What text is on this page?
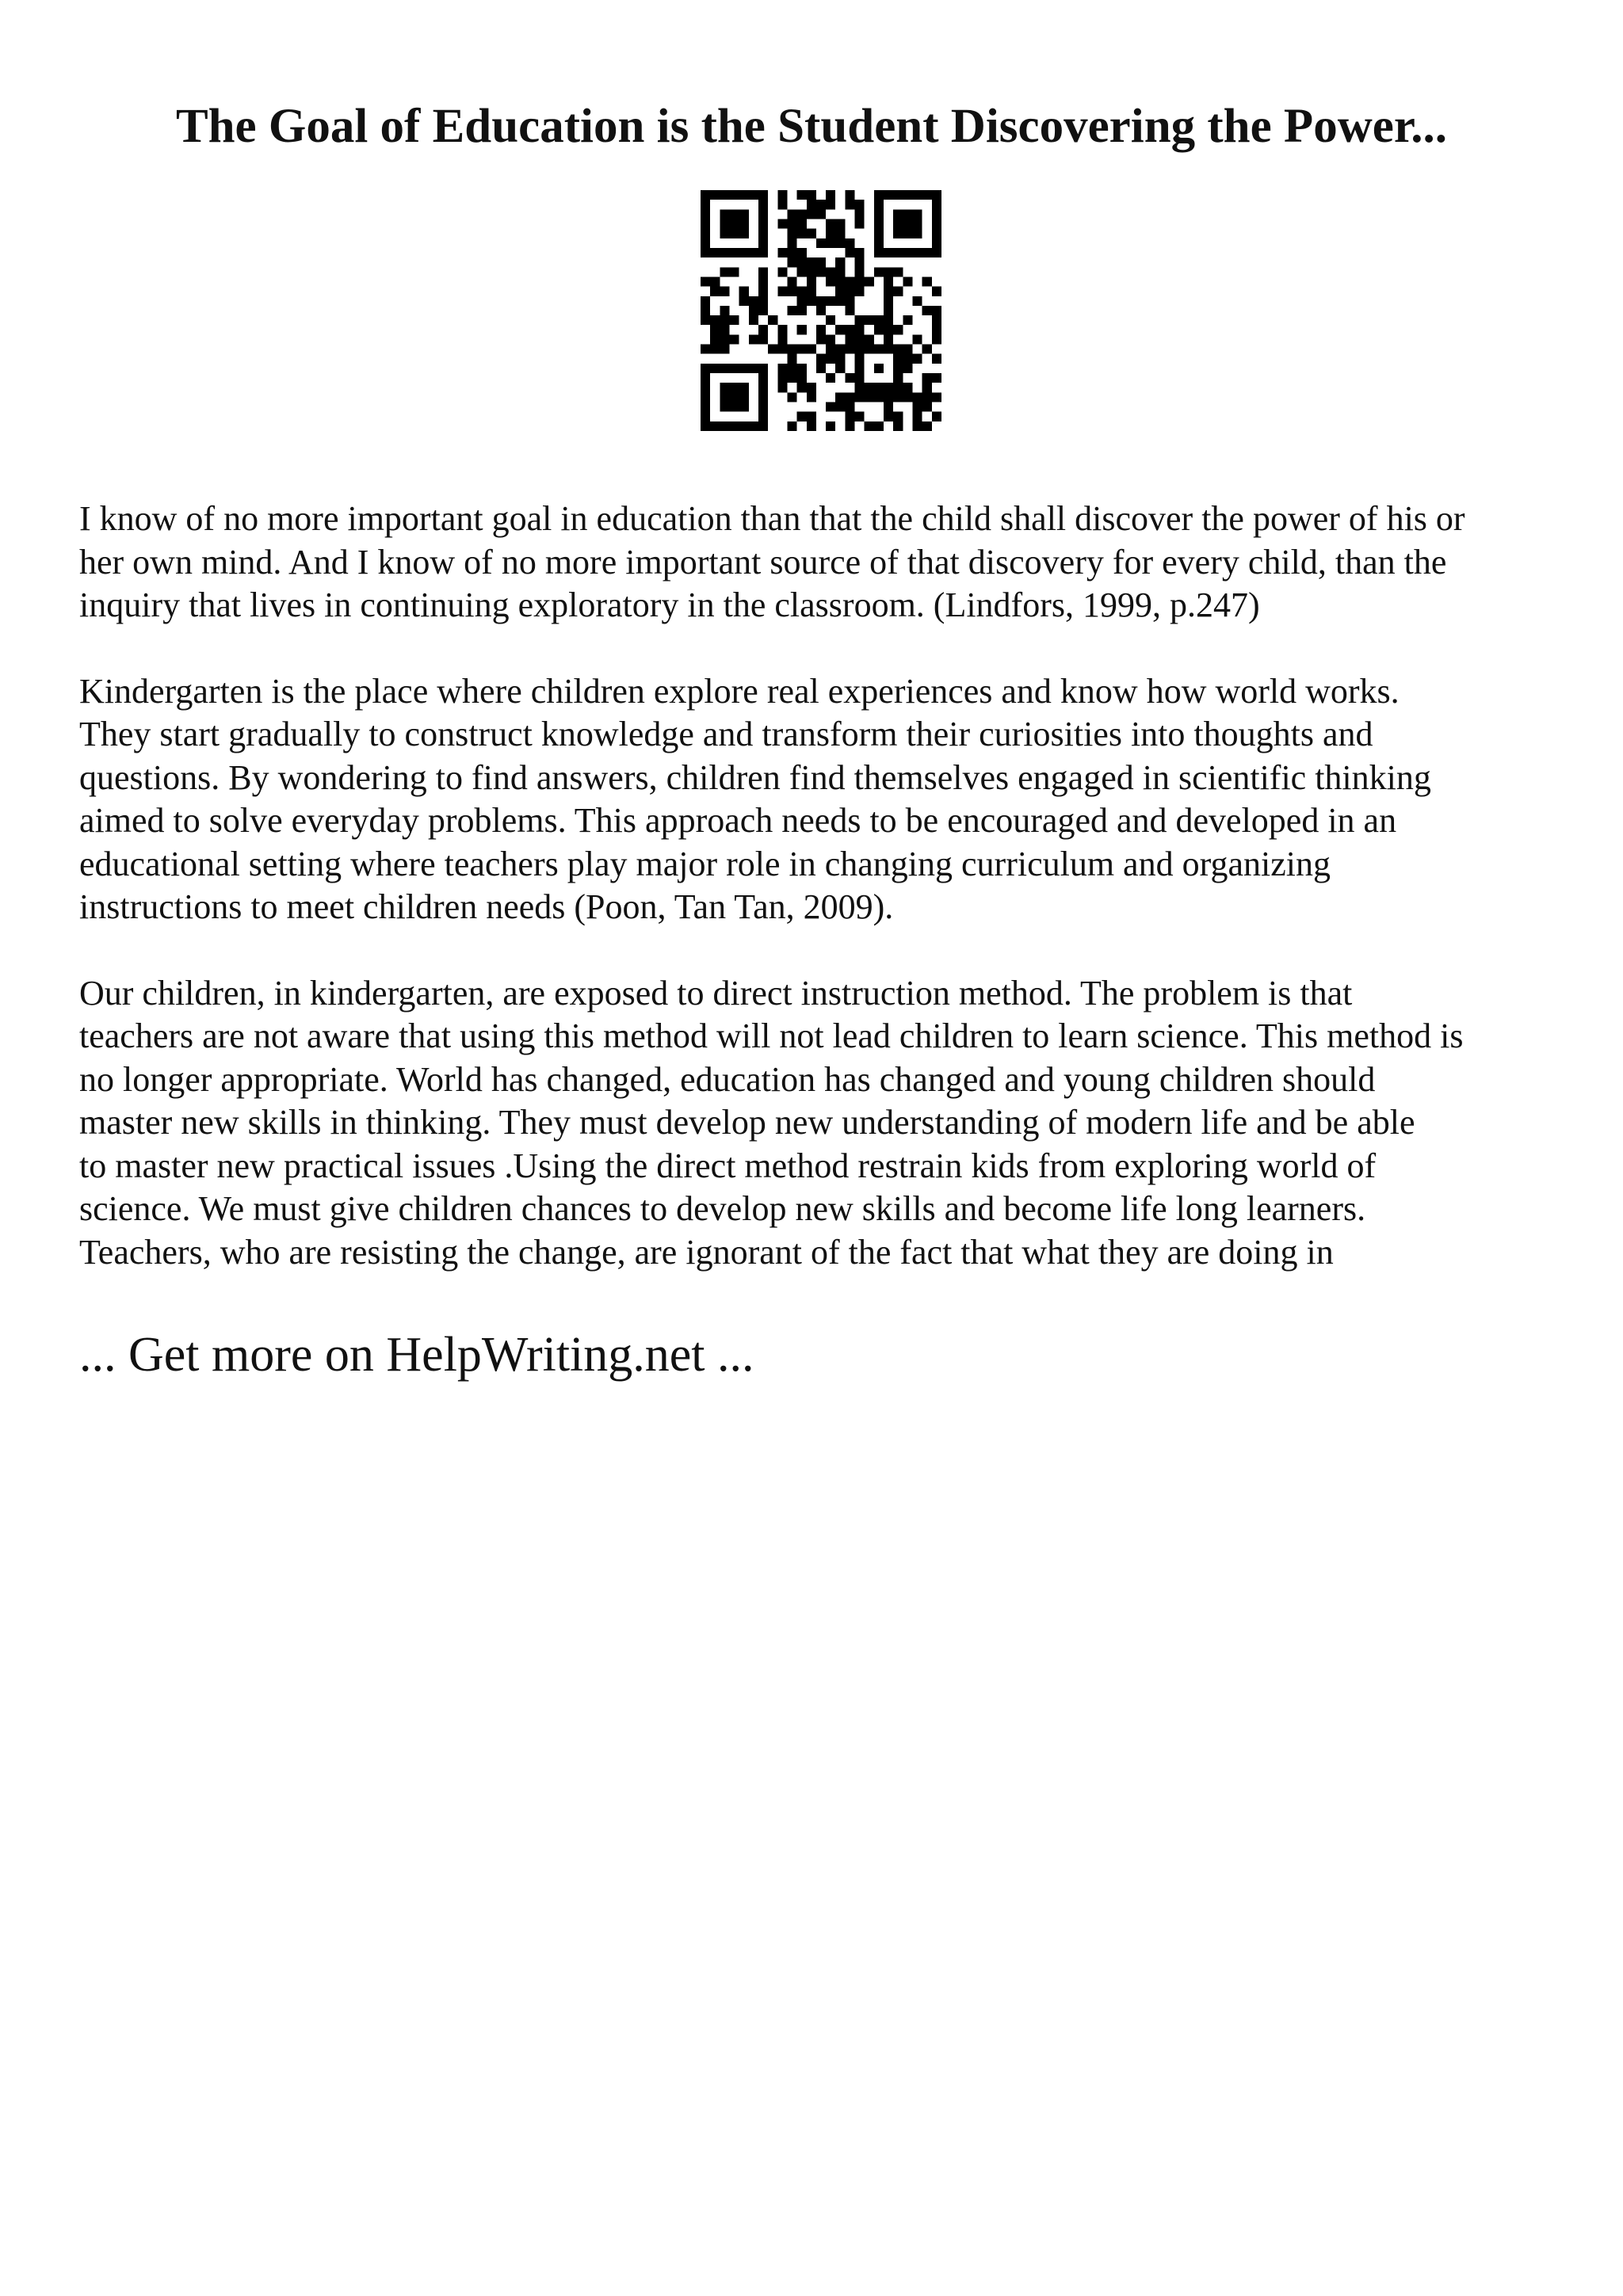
The Goal of Education is the Student Discovering the Power...

I know of no more important goal in education than that the child shall discover the power of his or
her own mind. And I know of no more important source of that discovery for every child, than the
inquiry that lives in continuing exploratory in the classroom. (Lindfors, 1999, p.247)

Kindergarten is the place where children explore real experiences and know how world works.
They start gradually to construct knowledge and transform their curiosities into thoughts and
questions. By wondering to find answers, children find themselves engaged in scientific thinking
aimed to solve everyday problems. This approach needs to be encouraged and developed in an
educational setting where teachers play major role in changing curriculum and organizing
instructions to meet children needs (Poon, Tan Tan, 2009).

Our children, in kindergarten, are exposed to direct instruction method. The problem is that
teachers are not aware that using this method will not lead children to learn science. This method is
no longer appropriate. World has changed, education has changed and young children should
master new skills in thinking. They must develop new understanding of modern life and be able
to master new practical issues .Using the direct method restrain kids from exploring world of
science. We must give children chances to develop new skills and become life long learners.
Teachers, who are resisting the change, are ignorant of the fact that what they are doing in

... Get more on HelpWriting.net ...
